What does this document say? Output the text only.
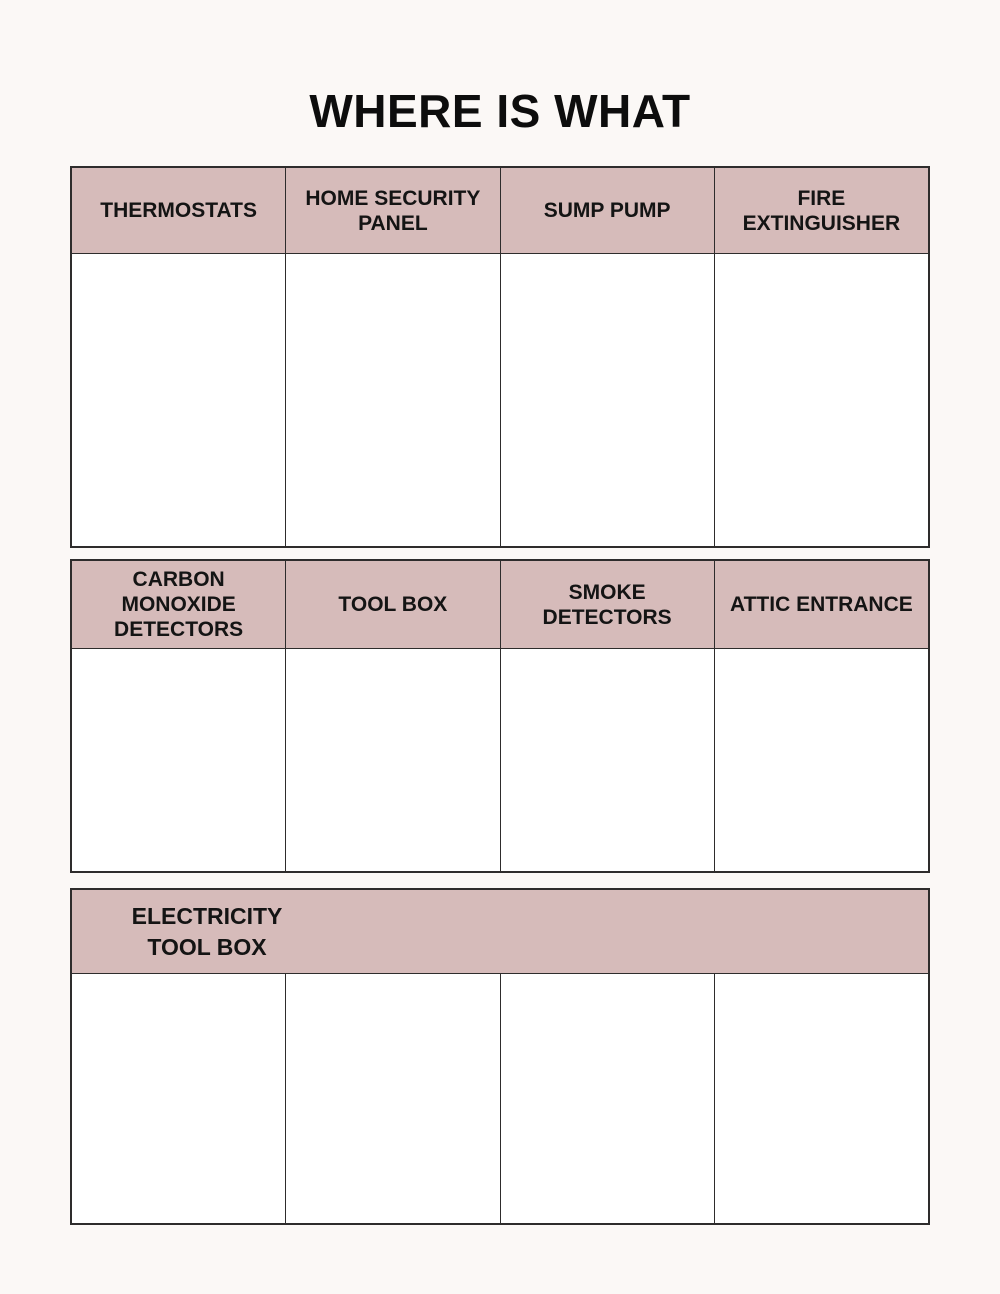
WHERE IS WHAT
THERMOSTATS
HOME SECURITY
PANEL
SUMP PUMP
FIRE
EXTINGUISHER
CARBON
MONOXIDE
DETECTORS
TOOL BOX
SMOKE
DETECTORS
ATTIC ENTRANCE
ELECTRICITY
TOOL BOX
